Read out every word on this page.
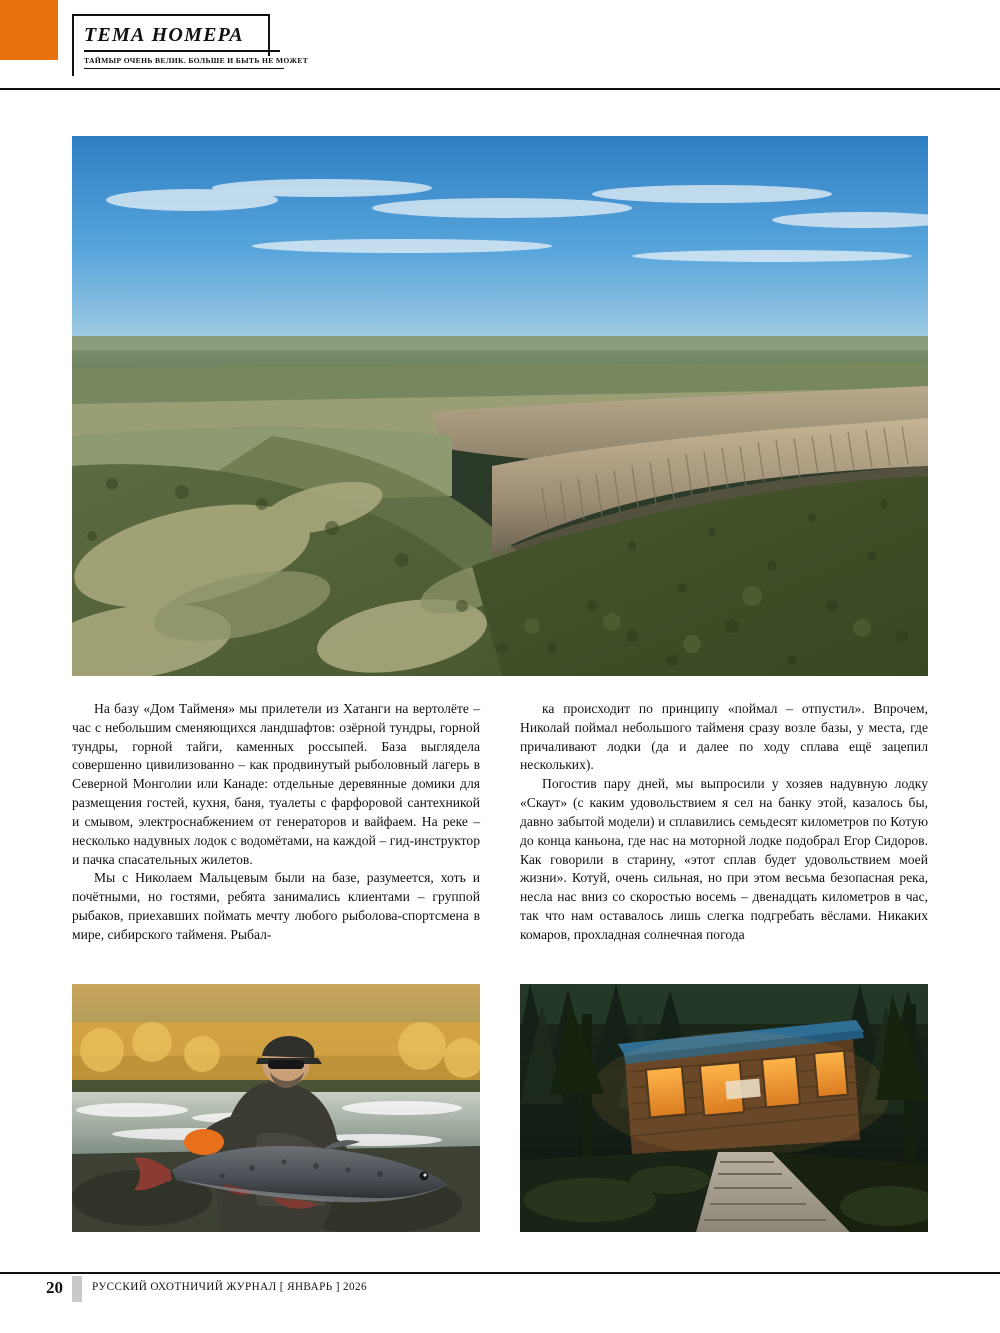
ТЕМА НОМЕРА
ТАЙМЫР ОЧЕНЬ ВЕЛИК. БОЛЬШЕ И БЫТЬ НЕ МОЖЕТ

На базу «Дом Тайменя» мы прилетели из Хатанги на вертолёте – час с небольшим сменяющихся ландшафтов: озёрной тундры, горной тундры, горной тайги, каменных россыпей. База выглядела совершенно цивилизованно – как продвинутый рыболовный лагерь в Северной Монголии или Канаде: отдельные деревянные домики для размещения гостей, кухня, баня, туалеты с фарфоровой сантехникой и смывом, электроснабжением от генераторов и вайфаем. На реке – несколько надувных лодок с водомётами, на каждой – гид-инструктор и пачка спасательных жилетов.

Мы с Николаем Мальцевым были на базе, разумеется, хоть и почётными, но гостями, ребята занимались клиентами – группой рыбаков, приехавших поймать мечту любого рыболова-спортсмена в мире, сибирского тайменя. Рыбал-

ка происходит по принципу «поймал – отпустил». Впрочем, Николай поймал небольшого тайменя сразу возле базы, у места, где причаливают лодки (да и далее по ходу сплава ещё зацепил нескольких).

Погостив пару дней, мы выпросили у хозяев надувную лодку «Скаут» (с каким удовольствием я сел на банку этой, казалось бы, давно забытой модели) и сплавились семьдесят километров по Котую до конца каньона, где нас на моторной лодке подобрал Егор Сидоров. Как говорили в старину, «этот сплав будет удовольствием моей жизни». Котуй, очень сильная, но при этом весьма безопасная река, несла нас вниз со скоростью восемь – двенадцать километров в час, так что нам оставалось лишь слегка подгребать вёслами. Никаких комаров, прохладная солнечная погода

20	РУССКИЙ ОХОТНИЧИЙ ЖУРНАЛ [ ЯНВАРЬ ] 2026
